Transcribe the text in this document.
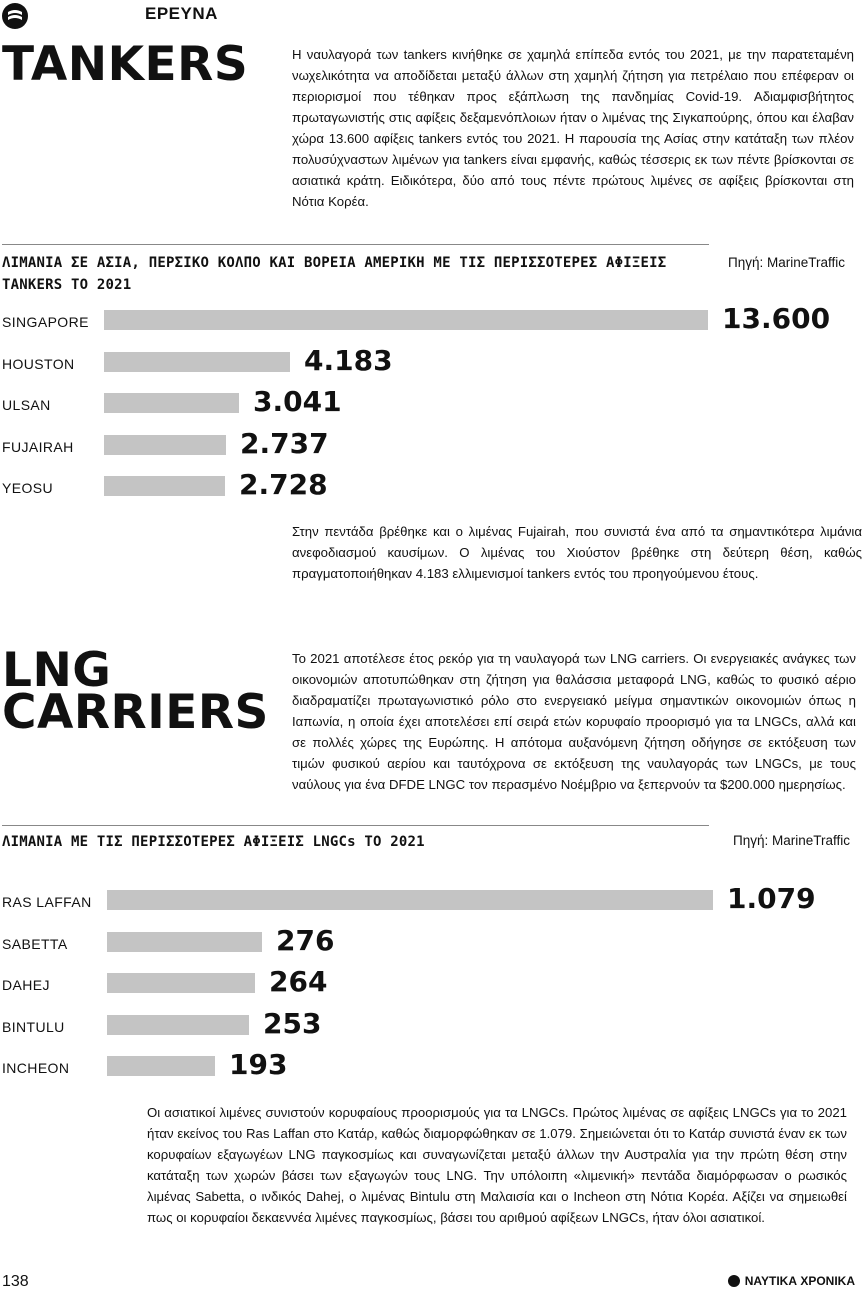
ΕΡΕΥΝΑ
TANKERS	Η ναυλαγορά των tankers κινήθηκε σε χαμηλά επίπεδα εντός του 2021, με την παρατεταμένη νωχελικότητα να αποδίδεται μεταξύ άλλων στη χαμηλή ζήτηση για πετρέλαιο που επέφεραν οι περιορισμοί που τέθηκαν προς εξάπλωση της πανδημίας Covid-19. Αδιαμφισβήτητος πρωταγωνιστής στις αφίξεις δεξαμενόπλοιων ήταν ο λιμένας της Σιγκαπούρης, όπου και έλαβαν χώρα 13.600 αφίξεις tankers εντός του 2021. Η παρουσία της Ασίας στην κατάταξη των πλέον πολυσύχναστων λιμένων για tankers είναι εμφανής, καθώς τέσσερις εκ των πέντε βρίσκονται σε ασιατικά κράτη. Ειδικότερα, δύο από τους πέντε πρώτους λιμένες σε αφίξεις βρίσκονται στη Νότια Κορέα.
ΛΙΜΑΝΙΑ ΣΕ ΑΣΙΑ, ΠΕΡΣΙΚΟ ΚΟΛΠΟ ΚΑΙ ΒΟΡΕΙΑ ΑΜΕΡΙΚΗ ΜΕ ΤΙΣ ΠΕΡΙΣΣΟΤΕΡΕΣ ΑΦΙΞΕΙΣ TANKERS ΤΟ 2021
Πηγή: MarineTraffic
SINGAPORE	13.600
HOUSTON	4.183
ULSAN	3.041
FUJAIRAH	2.737
YEOSU	2.728
Στην πεντάδα βρέθηκε και ο λιμένας Fujairah, που συνιστά ένα από τα σημαντικότερα λιμάνια ανεφοδιασμού καυσίμων. Ο λιμένας του Χιούστον βρέθηκε στη δεύτερη θέση, καθώς πραγματοποιήθηκαν 4.183 ελλιμενισμοί tankers εντός του προηγούμενου έτους.
LNG
CARRIERS
Το 2021 αποτέλεσε έτος ρεκόρ για τη ναυλαγορά των LNG carriers. Οι ενεργειακές ανάγκες των οικονομιών αποτυπώθηκαν στη ζήτηση για θαλάσσια μεταφορά LNG, καθώς το φυσικό αέριο διαδραματίζει πρωταγωνιστικό ρόλο στο ενεργειακό μείγμα σημαντικών οικονομιών όπως η Ιαπωνία, η οποία έχει αποτελέσει επί σειρά ετών κορυφαίο προορισμό για τα LNGCs, αλλά και σε πολλές χώρες της Ευρώπης. Η απότομα αυξανόμενη ζήτηση οδήγησε σε εκτόξευση των τιμών φυσικού αερίου και ταυτόχρονα σε εκτόξευση της ναυλαγοράς των LNGCs, με τους ναύλους για ένα DFDE LNGC τον περασμένο Νοέμβριο να ξεπερνούν τα $200.000 ημερησίως.
ΛΙΜΑΝΙΑ ΜΕ ΤΙΣ ΠΕΡΙΣΣΟΤΕΡΕΣ ΑΦΙΞΕΙΣ LNGCs ΤΟ 2021	Πηγή: MarineTraffic
RAS LAFFAN	1.079
SABETTA	276
DAHEJ	264
BINTULU	253
INCHEON	193
Οι ασιατικοί λιμένες συνιστούν κορυφαίους προορισμούς για τα LNGCs. Πρώτος λιμένας σε αφίξεις LNGCs για το 2021 ήταν εκείνος του Ras Laffan στο Κατάρ, καθώς διαμορφώθηκαν σε 1.079. Σημειώνεται ότι το Κατάρ συνιστά έναν εκ των κορυφαίων εξαγωγέων LNG παγκοσμίως και συναγωνίζεται μεταξύ άλλων την Αυστραλία για την πρώτη θέση στην κατάταξη των χωρών βάσει των εξαγωγών τους LNG. Την υπόλοιπη «λιμενική» πεντάδα διαμόρφωσαν ο ρωσικός λιμένας Sabetta, ο ινδικός Dahej, ο λιμένας Bintulu στη Μαλαισία και ο Incheon στη Νότια Κορέα. Αξίζει να σημειωθεί πως οι κορυφαίοι δεκαεννέα λιμένες παγκοσμίως, βάσει του αριθμού αφίξεων LNGCs, ήταν όλοι ασιατικοί.
138	ΝΑΥΤΙΚΑ ΧΡΟΝΙΚΑ
